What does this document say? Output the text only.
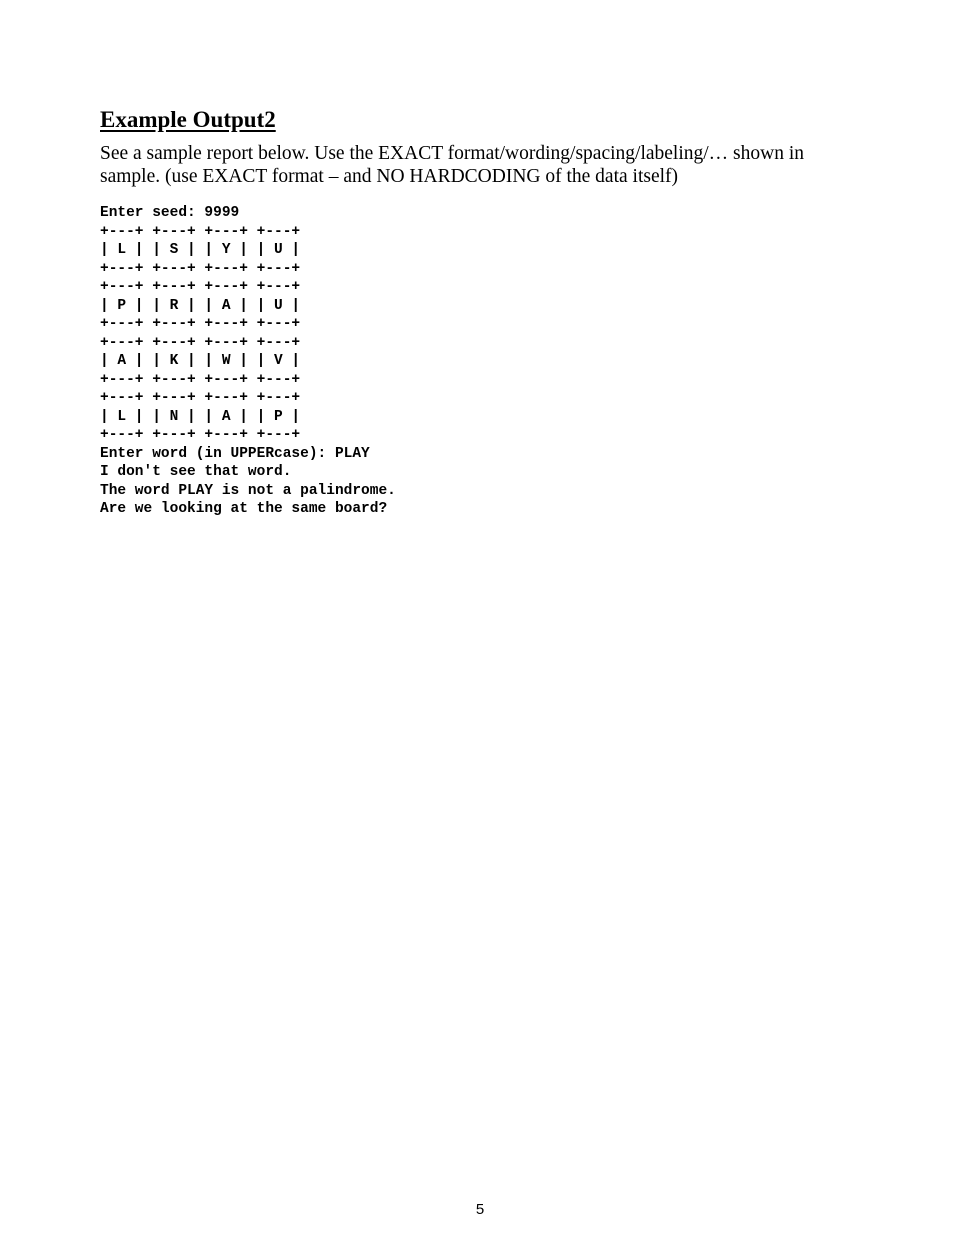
Example Output2

See a sample report below. Use the EXACT format/wording/spacing/labeling/… shown in sample. (use EXACT format – and NO HARDCODING of the data itself)

Enter seed: 9999
+---+ +---+ +---+ +---+
| L | | S | | Y | | U |
+---+ +---+ +---+ +---+
+---+ +---+ +---+ +---+
| P | | R | | A | | U |
+---+ +---+ +---+ +---+
+---+ +---+ +---+ +---+
| A | | K | | W | | V |
+---+ +---+ +---+ +---+
+---+ +---+ +---+ +---+
| L | | N | | A | | P |
+---+ +---+ +---+ +---+
Enter word (in UPPERcase): PLAY
I don't see that word.
The word PLAY is not a palindrome.
Are we looking at the same board?
5
